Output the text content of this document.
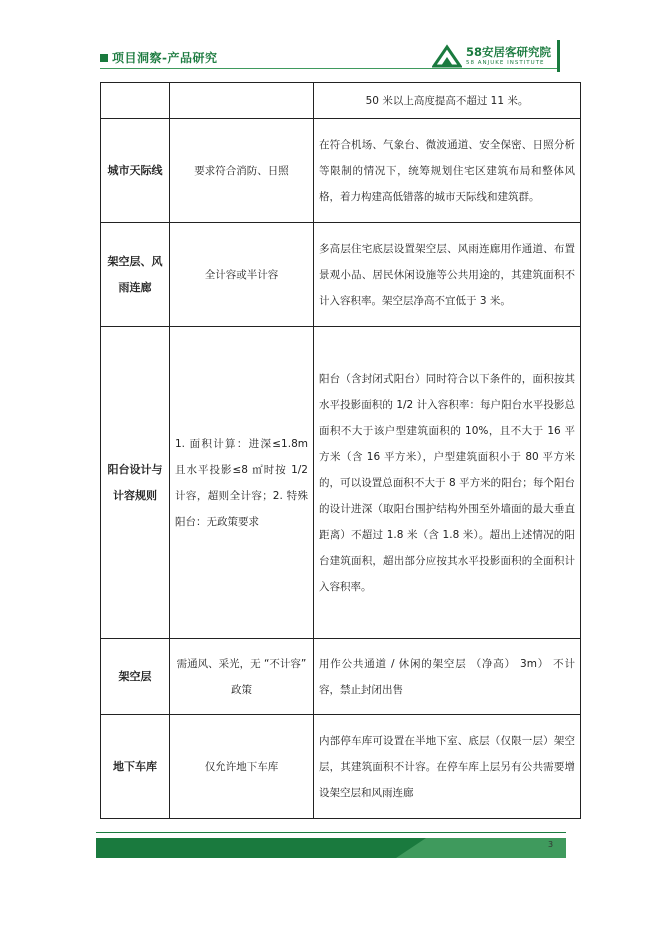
项目洞察-产品研究	58安居客研究院
58 ANJUKE INSTITUTE

		50 米以上高度提高不超过 11 米。

城市天际线	要求符合消防、日照	在符合机场、气象台、微波通道、安全保密、日照分析等限制的情况下，统筹规划住宅区建筑布局和整体风格，着力构建高低错落的城市天际线和建筑群。
架空层、风雨连廊	全计容或半计容	多高层住宅底层设置架空层、风雨连廊用作通道、布置景观小品、居民休闲设施等公共用途的，其建筑面积不计入容积率。架空层净高不宜低于 3 米。
阳台设计与计容规则	1. 面积计算：进深≤1.8m 且水平投影≤8 ㎡时按 1/2 计容，超则全计容；2. 特殊阳台：无政策要求	阳台（含封闭式阳台）同时符合以下条件的，面积按其水平投影面积的 1/2 计入容积率：每户阳台水平投影总面积不大于该户型建筑面积的 10%，且不大于 16 平方米（含 16 平方米），户型建筑面积小于 80 平方米的，可以设置总面积不大于 8 平方米的阳台；每个阳台的设计进深（取阳台围护结构外围至外墙面的最大垂直距离）不超过 1.8 米（含 1.8 米）。超出上述情况的阳台建筑面积，超出部分应按其水平投影面积的全面积计入容积率。
架空层	需通风、采光，无 “不计容” 政策	用作公共通道 / 休闲的架空层 （净高） 3m） 不计容，禁止封闭出售
地下车库	仅允许地下车库	内部停车库可设置在半地下室、底层（仅限一层）架空层，其建筑面积不计容。在停车库上层另有公共需要增设架空层和风雨连廊
3
